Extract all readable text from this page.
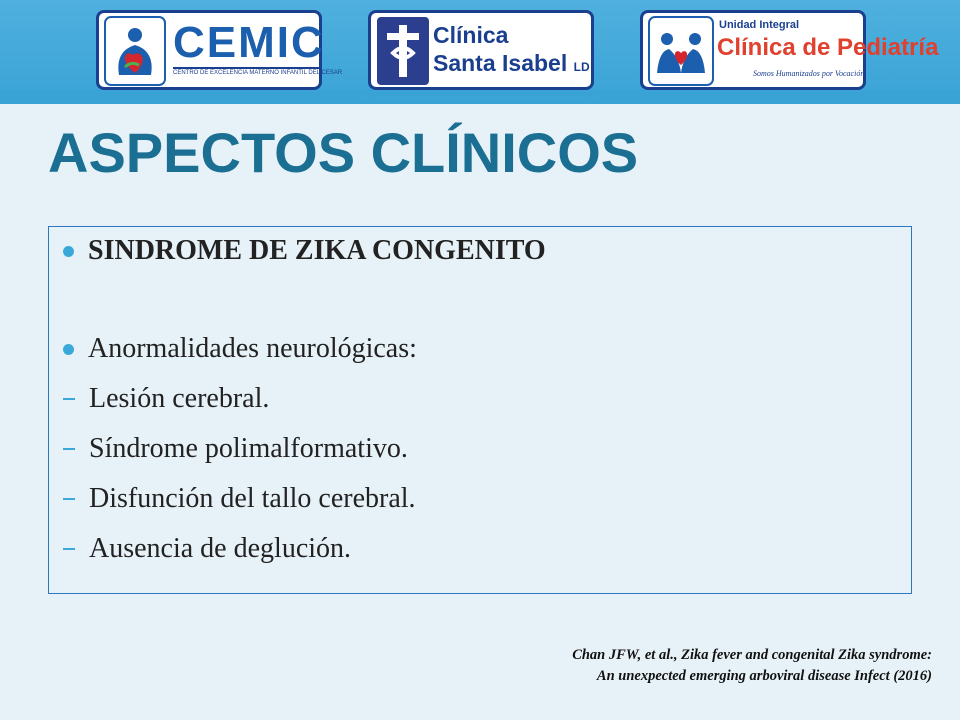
CEMIC
CENTRO DE EXCELENCIA MATERNO INFANTIL DEL CESAR
Clínica
Santa Isabel LD
Unidad Integral
Clínica de Pediatría
Somos Humanizados por Vocación
ASPECTOS CLÍNICOS
SINDROME DE ZIKA CONGENITO
Anormalidades neurológicas:
Lesión cerebral.
Síndrome polimalformativo.
Disfunción del tallo cerebral.
Ausencia de deglución.
Chan JFW, et al., Zika fever and congenital Zika syndrome:
An unexpected emerging arboviral disease Infect (2016)
